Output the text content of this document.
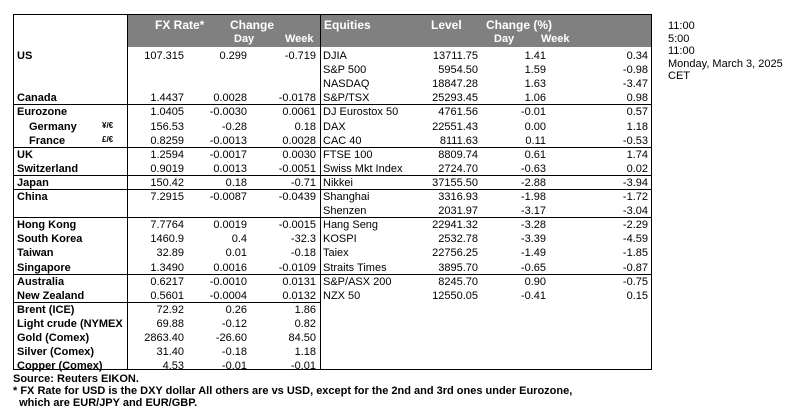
FX Rate* Change
Day	Week
Equities	Level Change (%)
Day Week
US	107.315	0.299	-0.719 DJIA	13711.75	1.41	0.34
S&P 500	5954.50	1.59	-0.98
NASDAQ	18847.28	1.63	-3.47
Canada	1.4437	0.0028	-0.0178 S&P/TSX	25293.45	1.06	0.98
Eurozone	1.0405 -0.0030	0.0061 DJ Eurostox 50	4761.56	-0.01	0.57
Germany	¥/€	156.53	-0.28	0.18 DAX	22551.43	0.00	1.18
France	£/€	0.8259 -0.0013	0.0028 CAC 40	8111.63	0.11	-0.53
UK	1.2594 -0.0017	0.0030 FTSE 100	8809.74	0.61	1.74
Switzerland	0.9019	0.0013	-0.0051 Swiss Mkt Index	2724.70	-0.63	0.02
Japan	150.42	0.18	-0.71 Nikkei	37155.50	-2.88	-3.94
China	7.2915 -0.0087	-0.0439 Shanghai	3316.93	-1.98	-1.72
Shenzen	2031.97	-3.17	-3.04
Hong Kong	7.7764	0.0019	-0.0015 Hang Seng	22941.32	-3.28	-2.29
South Korea	1460.9	0.4	-32.3 KOSPI	2532.78	-3.39	-4.59
Taiwan	32.89	0.01	-0.18 Taiex	22756.25	-1.49	-1.85
Singapore	1.3490	0.0016	-0.0109 Straits Times	3895.70	-0.65	-0.87
Australia	0.6217 -0.0010	0.0131 S&P/ASX 200	8245.70	0.90	-0.75
New Zealand	0.5601 -0.0004	0.0132 NZX 50	12550.05	-0.41	0.15
Brent (ICE)	72.92	0.26	1.86
Light crude (NYMEX	69.88	-0.12	0.82
Gold (Comex)	2863.40	-26.60	84.50
Silver (Comex)	31.40	-0.18	1.18
Copper (Comex)	4.53	-0.01	-0.01
Source: Reuters EIKON.
* FX Rate for USD is the DXY dollar All others are vs USD, except for the 2nd and 3rd ones under Eurozone,
which are EUR/JPY and EUR/GBP.
11:00
5:00
11:00
Monday, March 3, 2025
CET
